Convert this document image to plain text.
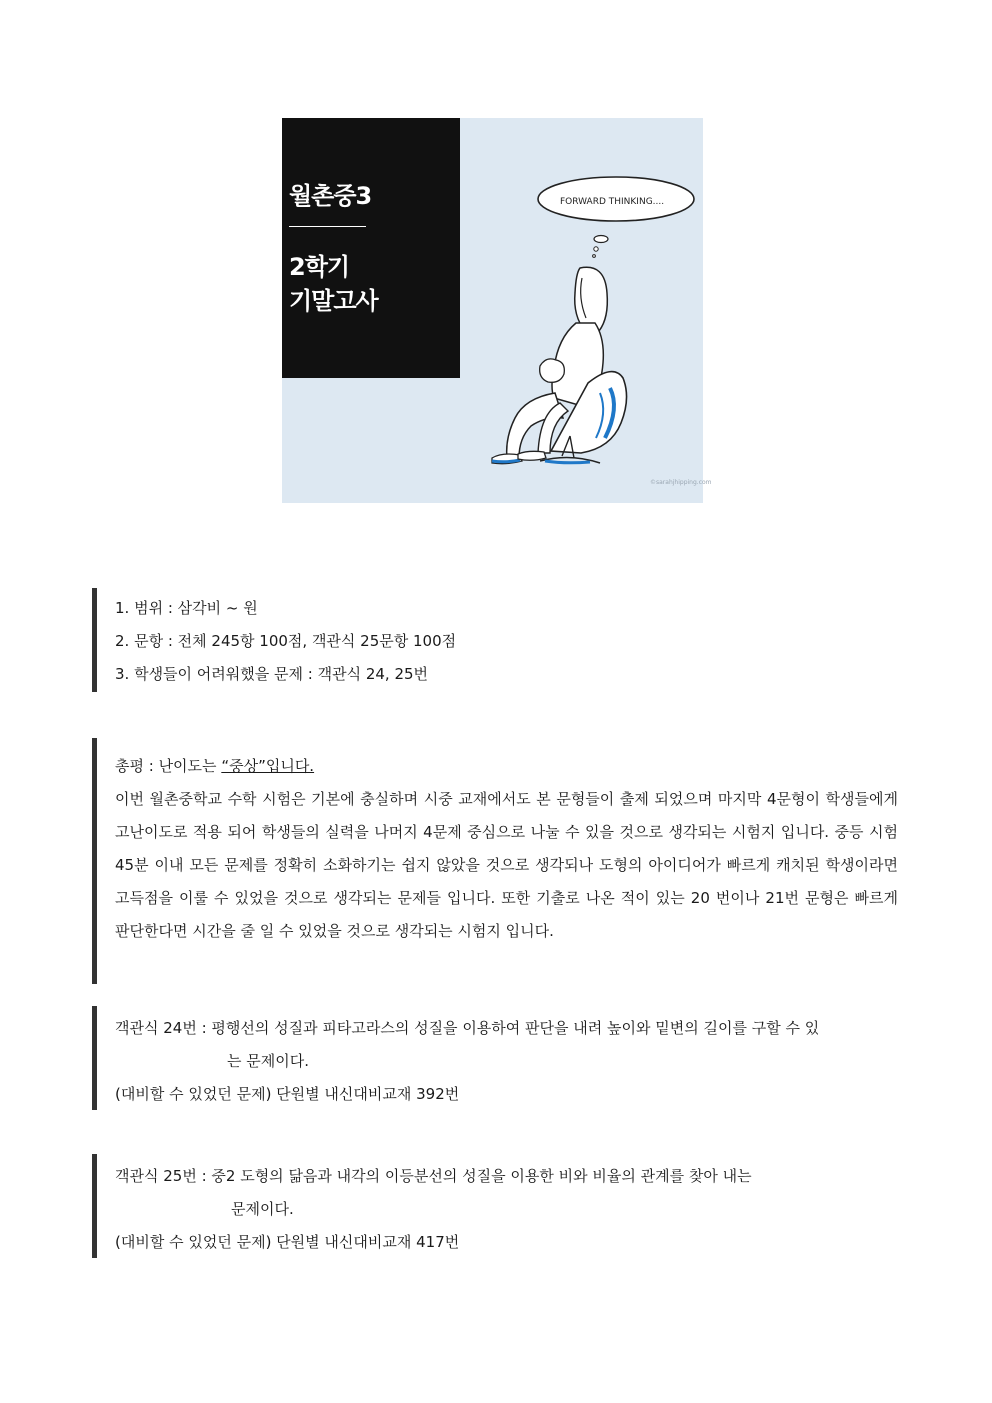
월촌중3
2학기
기말고사
FORWARD THINKING....
©sarahjhipping.com
1. 범위 : 삼각비 ~ 원
2. 문항 : 전체 245항 100점, 객관식 25문항 100점
3. 학생들이 어려워했을 문제 : 객관식 24, 25번
총평 : 난이도는 “중상”입니다.
이번 월촌중학교 수학 시험은 기본에 충실하며 시중 교재에서도 본 문형들이 출제 되었으며 마지막 4문형이 학생들에게 고난이도로 적용 되어 학생들의 실력을 나머지 4문제 중심으로 나눌 수 있을 것으로 생각되는 시험지 입니다. 중등 시험 45분 이내 모든 문제를 정확히 소화하기는 쉽지 않았을 것으로 생각되나 도형의 아이디어가 빠르게 캐치된 학생이라면 고득점을 이룰 수 있었을 것으로 생각되는 문제들 입니다. 또한 기출로 나온 적이 있는 20 번이나 21번 문형은 빠르게 판단한다면 시간을 줄 일 수 있었을 것으로 생각되는 시험지 입니다.
객관식 24번 : 평행선의 성질과 피타고라스의 성질을 이용하여 판단을 내려 높이와 밑변의 길이를 구할 수 있
는 문제이다.
(대비할 수 있었던 문제) 단원별 내신대비교재 392번
객관식 25번 : 중2 도형의 닮음과 내각의 이등분선의 성질을 이용한 비와 비율의 관계를 찾아 내는
문제이다.
(대비할 수 있었던 문제) 단원별 내신대비교재 417번
